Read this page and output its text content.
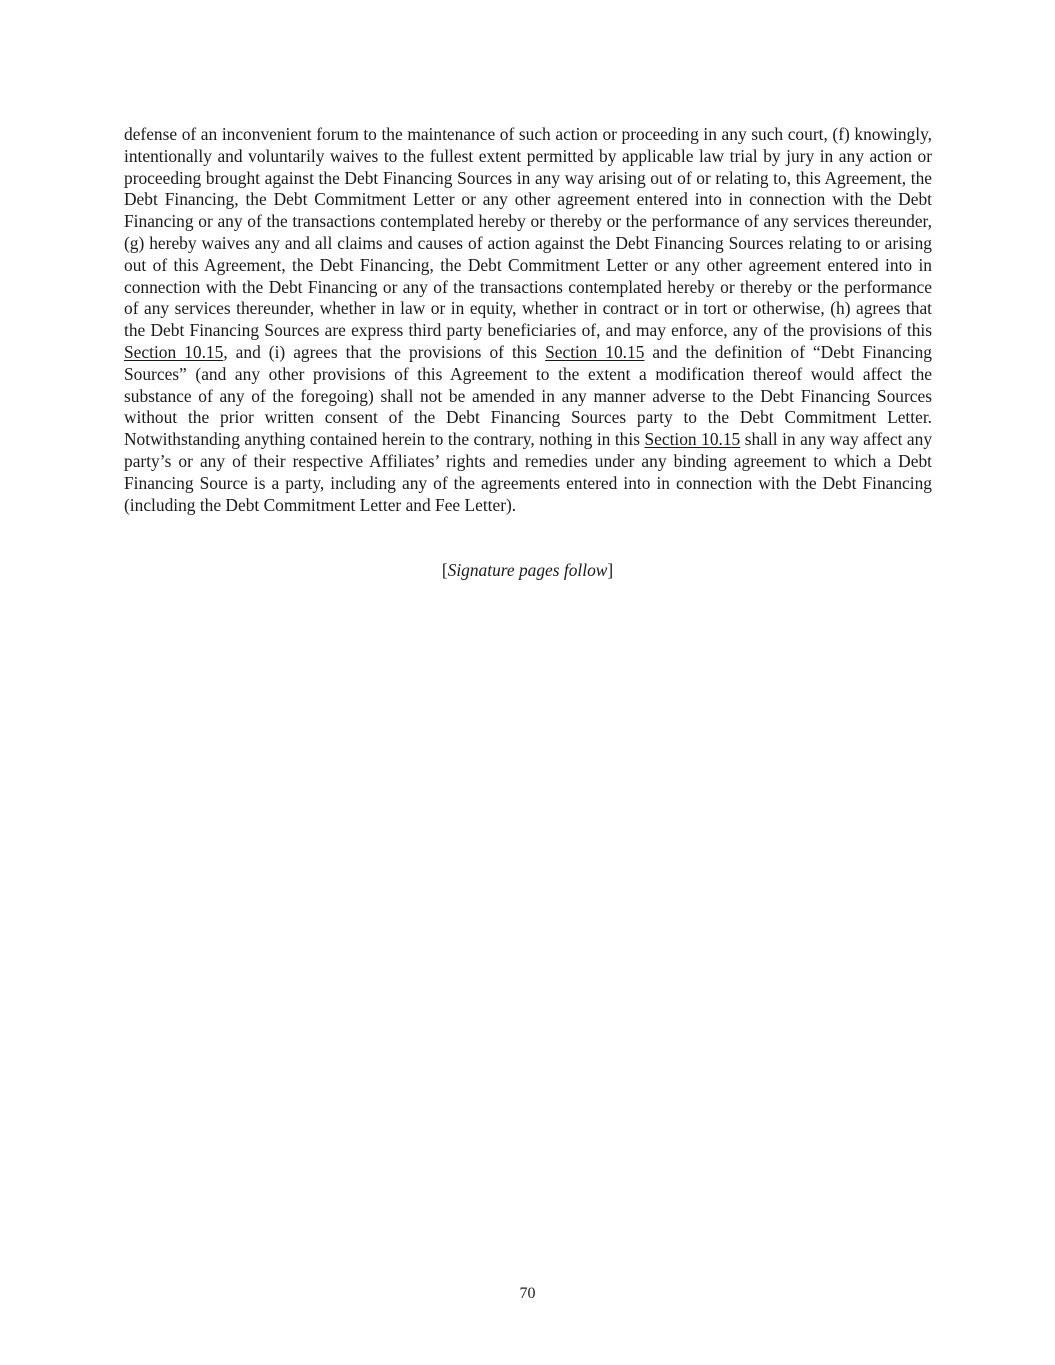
defense of an inconvenient forum to the maintenance of such action or proceeding in any such court, (f) knowingly, intentionally and voluntarily waives to the fullest extent permitted by applicable law trial by jury in any action or proceeding brought against the Debt Financing Sources in any way arising out of or relating to, this Agreement, the Debt Financing, the Debt Commitment Letter or any other agreement entered into in connection with the Debt Financing or any of the transactions contemplated hereby or thereby or the performance of any services thereunder, (g) hereby waives any and all claims and causes of action against the Debt Financing Sources relating to or arising out of this Agreement, the Debt Financing, the Debt Commitment Letter or any other agreement entered into in connection with the Debt Financing or any of the transactions contemplated hereby or thereby or the performance of any services thereunder, whether in law or in equity, whether in contract or in tort or otherwise, (h) agrees that the Debt Financing Sources are express third party beneficiaries of, and may enforce, any of the provisions of this Section 10.15, and (i) agrees that the provisions of this Section 10.15 and the definition of “Debt Financing Sources” (and any other provisions of this Agreement to the extent a modification thereof would affect the substance of any of the foregoing) shall not be amended in any manner adverse to the Debt Financing Sources without the prior written consent of the Debt Financing Sources party to the Debt Commitment Letter. Notwithstanding anything contained herein to the contrary, nothing in this Section 10.15 shall in any way affect any party’s or any of their respective Affiliates’ rights and remedies under any binding agreement to which a Debt Financing Source is a party, including any of the agreements entered into in connection with the Debt Financing (including the Debt Commitment Letter and Fee Letter).

[Signature pages follow]

70
